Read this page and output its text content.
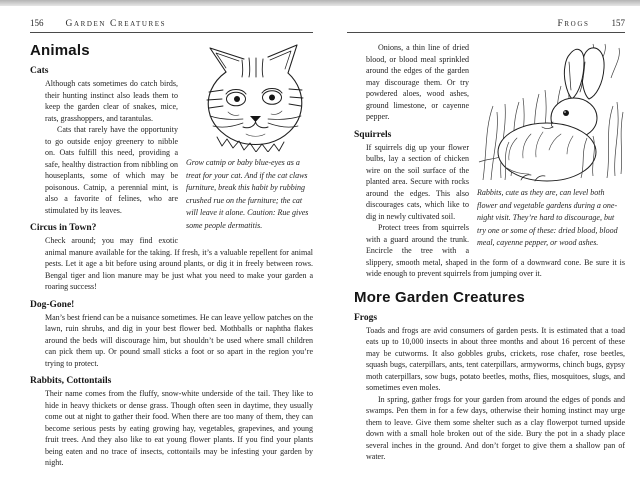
156 Garden Creatures
Grow catnip or baby blue-eyes as a treat for your cat. And if the cat claws furniture, break this habit by rubbing crushed rue on the furniture; the cat will leave it alone. Caution: Rue gives some people dermatitis.
Animals
Cats

Although cats sometimes do catch birds, their hunting instinct also leads them to keep the garden clear of snakes, mice, rats, grasshoppers, and tarantulas.

Cats that rarely have the opportunity to go outside enjoy greenery to nibble on. Oats fulfill this need, providing a safe, healthy distraction from nibbling on houseplants, some of which may be poisonous. Catnip, a perennial mint, is also a favorite of felines, who are stimulated by its leaves.

Circus in Town?

Check around; you may find exotic animal manure available for the taking. If fresh, it’s a valuable repellent for animal pests. Let it age a bit before using around plants, or dig it in freely between rows. Bengal tiger and lion manure may be just what you need to make your garden a roaring success!

Dog-Gone!

Man’s best friend can be a nuisance sometimes. He can leave yellow patches on the lawn, ruin shrubs, and dig in your best flower bed. Mothballs or naphtha flakes around the beds will discourage him, but shouldn’t be used where small children can pick them up. Or pound small sticks a foot or so apart in the region you’re trying to protect.

Rabbits, Cottontails

Their name comes from the fluffy, snow-white underside of the tail. They like to hide in heavy thickets or dense grass. Though often seen in daytime, they usually come out at night to gather their food. When there are too many of them, they can become serious pests by eating growing hay, vegetables, grapevines, and young fruit trees. And they also like to eat young flower plants. If you find your plants being eaten and no trace of insects, cottontails may be infesting your garden by night.

Frogs 157
Rabbits, cute as they are, can level both flower and vegetable gardens during a one-night visit. They’re hard to discourage, but try one or some of these: dried blood, blood meal, cayenne pepper, or wood ashes.

Onions, a thin line of dried blood, or blood meal sprinkled around the edges of the garden may discourage them. Or try powdered aloes, wood ashes, ground limestone, or cayenne pepper.

Squirrels

If squirrels dig up your flower bulbs, lay a section of chicken wire on the soil surface of the planted area. Secure with rocks around the edges. This also discourages cats, which like to dig in newly cultivated soil.

Protect trees from squirrels with a guard around the trunk. Encircle the tree with a slippery, smooth metal, shaped in the form of a downward cone. Be sure it is wide enough to prevent squirrels from jumping over it.

More Garden Creatures
Frogs

Toads and frogs are avid consumers of garden pests. It is estimated that a toad eats up to 10,000 insects in about three months and about 16 percent of these may be cutworms. It also gobbles grubs, crickets, rose chafer, rose beetles, squash bugs, caterpillars, ants, tent caterpillars, armyworms, chinch bugs, gypsy moth caterpillars, sow bugs, potato beetles, moths, flies, mosquitoes, slugs, and sometimes even moles.

In spring, gather frogs for your garden from around the edges of ponds and swamps. Pen them in for a few days, otherwise their homing instinct may urge them to leave. Give them some shelter such as a clay flowerpot turned upside down with a small hole broken out of the side. Bury the pot in a shady place several inches in the ground. And don’t forget to give them a shallow pan of water.
